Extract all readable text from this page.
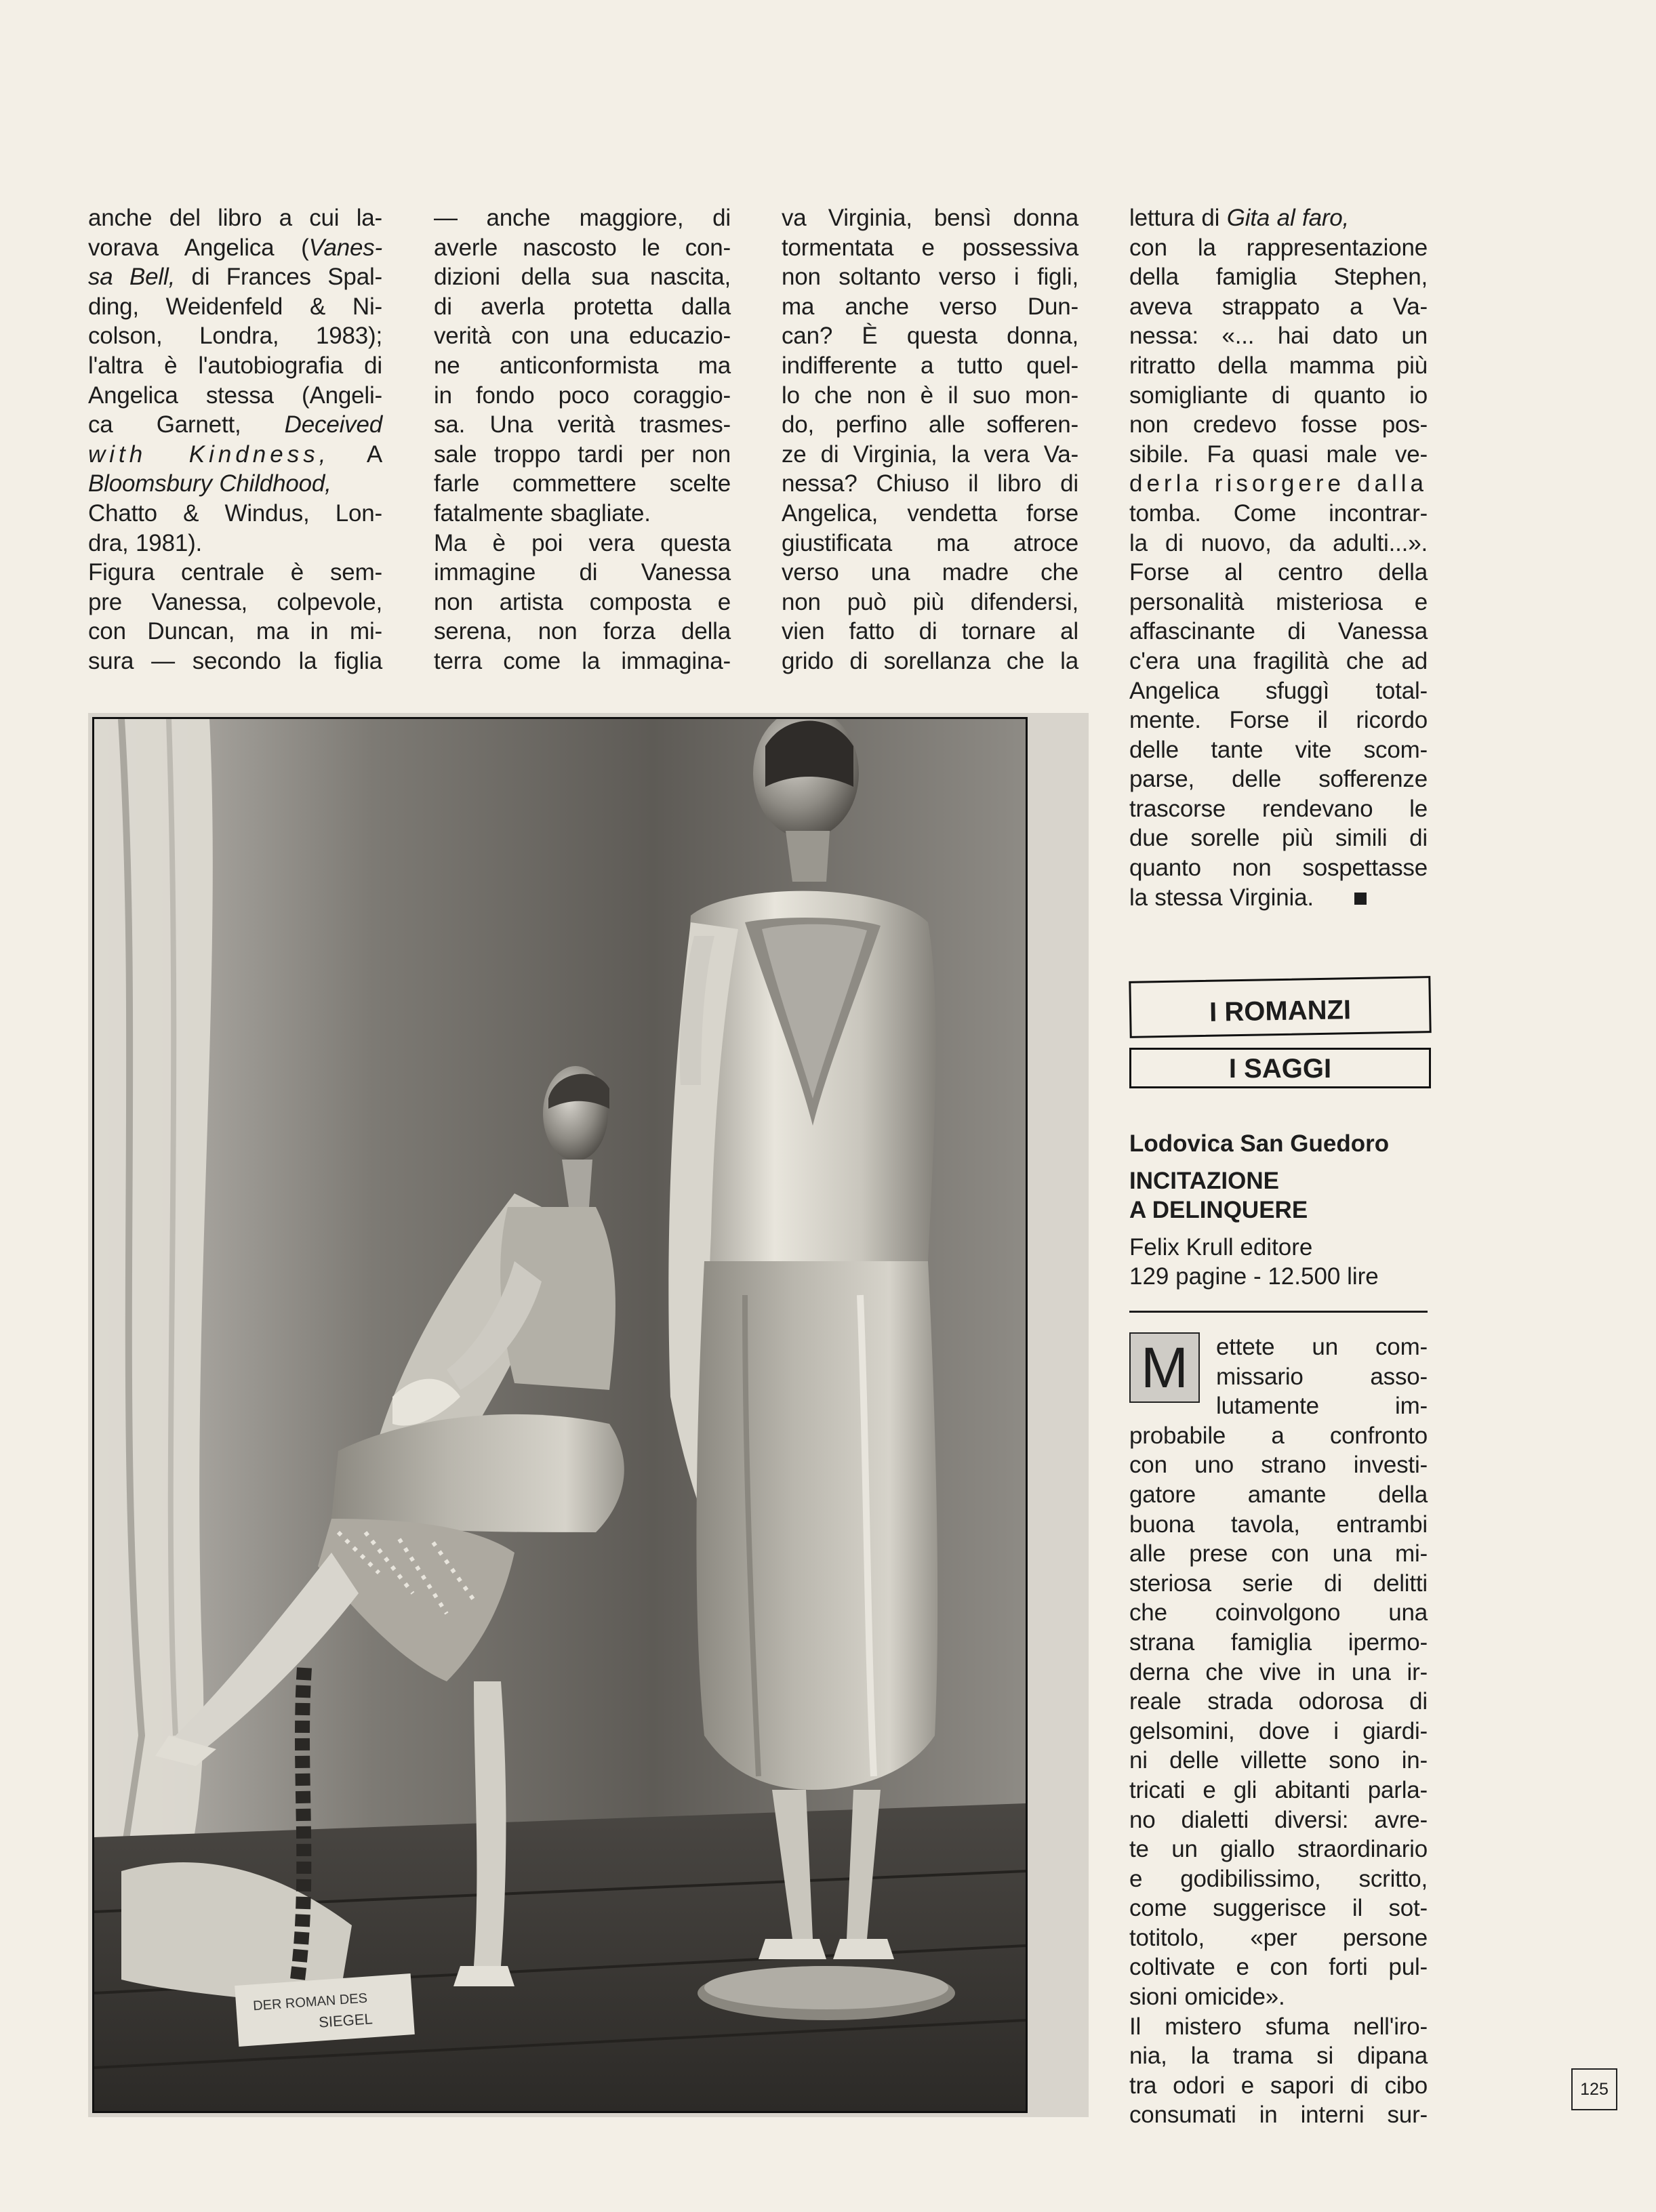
anche del libro a cui la-
vorava Angelica (Vanes-
sa Bell, di Frances Spal-
ding, Weidenfeld & Ni-
colson, Londra, 1983);
l'altra è l'autobiografia di
Angelica stessa (Angeli-
ca Garnett, Deceived
with Kindness, A
Bloomsbury Childhood,
Chatto & Windus, Lon-
dra, 1981).
Figura centrale è sem-
pre Vanessa, colpevole,
con Duncan, ma in mi-
sura — secondo la figlia
— anche maggiore, di
averle nascosto le con-
dizioni della sua nascita,
di averla protetta dalla
verità con una educazio-
ne anticonformista ma
in fondo poco coraggio-
sa. Una verità trasmes-
sale troppo tardi per non
farle commettere scelte
fatalmente sbagliate.
Ma è poi vera questa
immagine di Vanessa
non artista composta e
serena, non forza della
terra come la immagina-
va Virginia, bensì donna
tormentata e possessiva
non soltanto verso i figli,
ma anche verso Dun-
can? È questa donna,
indifferente a tutto quel-
lo che non è il suo mon-
do, perfino alle sofferen-
ze di Virginia, la vera Va-
nessa? Chiuso il libro di
Angelica, vendetta forse
giustificata ma atroce
verso una madre che
non può più difendersi,
vien fatto di tornare al
grido di sorellanza che la
lettura di Gita al faro,
con la rappresentazione
della famiglia Stephen,
aveva strappato a Va-
nessa: «... hai dato un
ritratto della mamma più
somigliante di quanto io
non credevo fosse pos-
sibile. Fa quasi male ve-
derla risorgere dalla
tomba. Come incontrar-
la di nuovo, da adulti...».
Forse al centro della
personalità misteriosa e
affascinante di Vanessa
c'era una fragilità che ad
Angelica sfuggì total-
mente. Forse il ricordo
delle tante vite scom-
parse, delle sofferenze
trascorse rendevano le
due sorelle più simili di
quanto non sospettasse
la stessa Virginia.
I ROMANZI
I SAGGI
Lodovica San Guedoro
INCITAZIONE
A DELINQUERE
Felix Krull editore
129 pagine - 12.500 lire
M	ettete un com-
missario asso-
lutamente im-
probabile a confronto
con uno strano investi-
gatore amante della
buona tavola, entrambi
alle prese con una mi-
steriosa serie di delitti
che coinvolgono una
strana famiglia ipermo-
derna che vive in una ir-
reale strada odorosa di
gelsomini, dove i giardi-
ni delle villette sono in-
tricati e gli abitanti parla-
no dialetti diversi: avre-
te un giallo straordinario
e godibilissimo, scritto,
come suggerisce il sot-
totitolo, «per persone
coltivate e con forti pul-
sioni omicide».
Il mistero sfuma nell'iro-
nia, la trama si dipana
tra odori e sapori di cibo
consumati in interni sur-
DER ROMAN DES
SIEGEL
125
